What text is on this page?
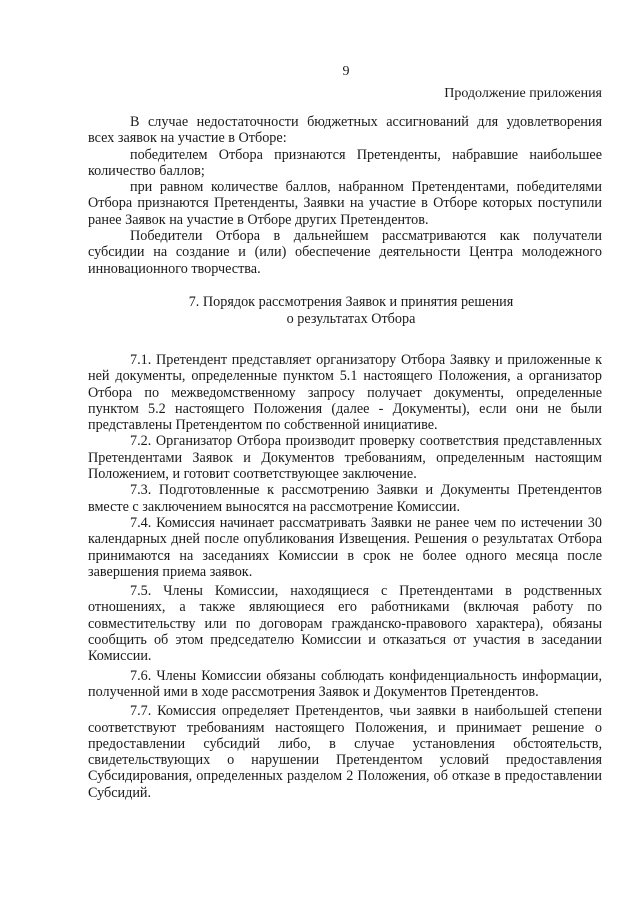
9
Продолжение приложения

В случае недостаточности бюджетных ассигнований для удовлетворения всех заявок на участие в Отборе:

победителем Отбора признаются Претенденты, набравшие наибольшее количество баллов;

при равном количестве баллов, набранном Претендентами, победителями Отбора признаются Претенденты, Заявки на участие в Отборе которых поступили ранее Заявок на участие в Отборе других Претендентов.

Победители Отбора в дальнейшем рассматриваются как получатели субсидии на создание и (или) обеспечение деятельности Центра молодежного инновационного творчества.

7. Порядок рассмотрения Заявок и принятия решения
о результатах Отбора

7.1. Претендент представляет организатору Отбора Заявку и приложенные к ней документы, определенные пунктом 5.1 настоящего Положения, а организатор Отбора по межведомственному запросу получает документы, определенные пунктом 5.2 настоящего Положения (далее - Документы), если они не были представлены Претендентом по собственной инициативе.

7.2. Организатор Отбора производит проверку соответствия представленных Претендентами Заявок и Документов требованиям, определенным настоящим Положением, и готовит соответствующее заключение.

7.3. Подготовленные к рассмотрению Заявки и Документы Претендентов вместе с заключением выносятся на рассмотрение Комиссии.

7.4. Комиссия начинает рассматривать Заявки не ранее чем по истечении 30 календарных дней после опубликования Извещения. Решения о результатах Отбора принимаются на заседаниях Комиссии в срок не более одного месяца после завершения приема заявок.

7.5. Члены Комиссии, находящиеся с Претендентами в родственных отношениях, а также являющиеся его работниками (включая работу по совместительству или по договорам гражданско-правового характера), обязаны сообщить об этом председателю Комиссии и отказаться от участия в заседании Комиссии.

7.6. Члены Комиссии обязаны соблюдать конфиденциальность информации, полученной ими в ходе рассмотрения Заявок и Документов Претендентов.

7.7. Комиссия определяет Претендентов, чьи заявки в наибольшей степени соответствуют требованиям настоящего Положения, и принимает решение о предоставлении субсидий либо, в случае установления обстоятельств, свидетельствующих о нарушении Претендентом условий предоставления Субсидирования, определенных разделом 2 Положения, об отказе в предоставлении Субсидий.
